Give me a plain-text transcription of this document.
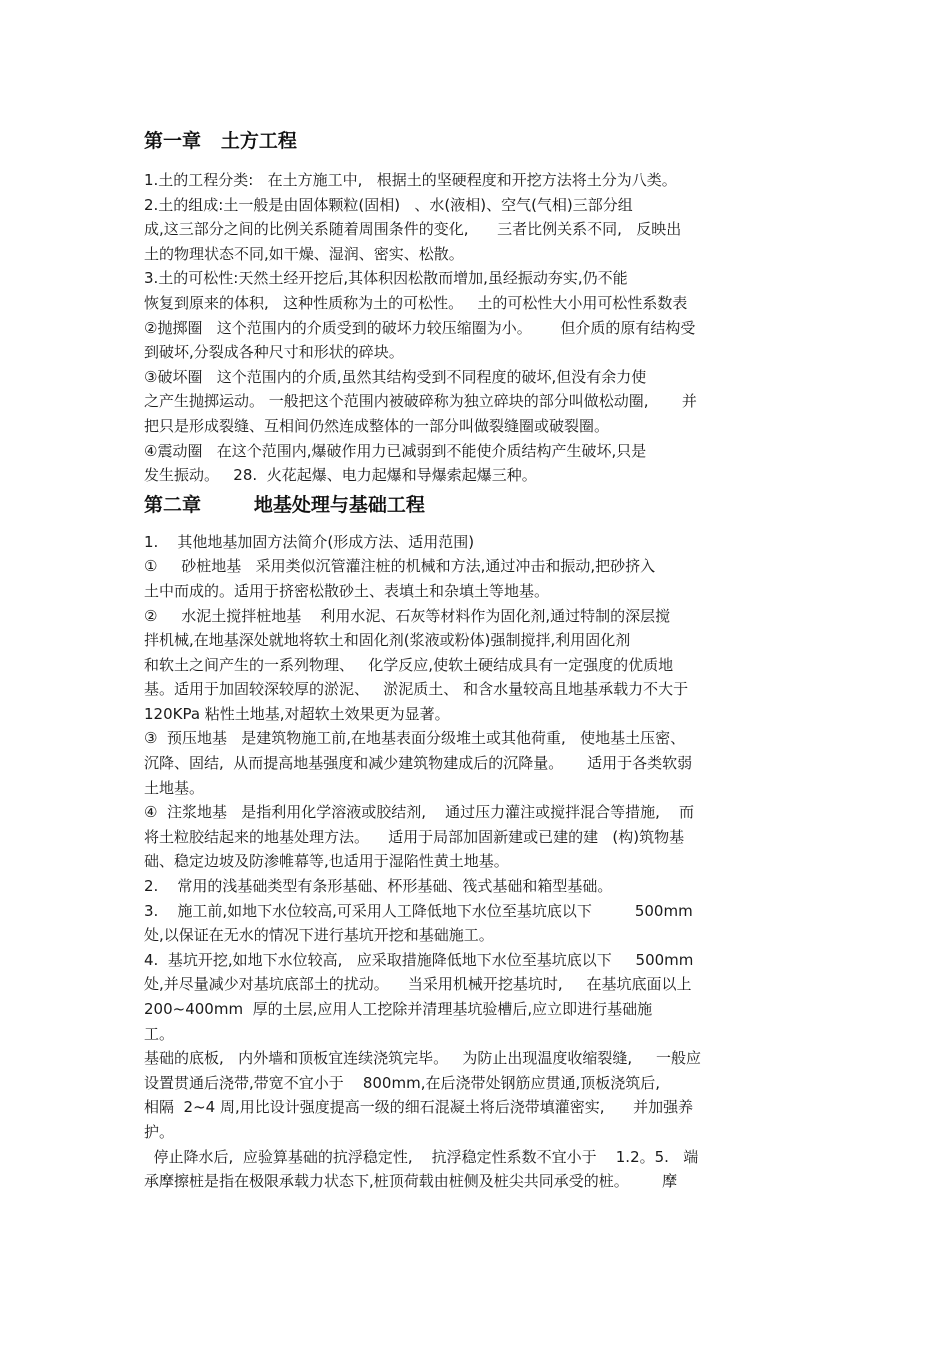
第一章   土方工程

1.土的工程分类:   在土方施工中,   根据土的坚硬程度和开挖方法将土分为八类。

2.土的组成:土一般是由固体颗粒(固相)   、水(液相)、空气(气相)三部分组

成,这三部分之间的比例关系随着周围条件的变化,      三者比例关系不同,   反映出

土的物理状态不同,如干燥、湿润、密实、松散。

3.土的可松性:天然土经开挖后,其体积因松散而增加,虽经振动夯实,仍不能

恢复到原来的体积,   这种性质称为土的可松性。   土的可松性大小用可松性系数表

②抛掷圈   这个范围内的介质受到的破坏力较压缩圈为小。      但介质的原有结构受

到破坏,分裂成各种尺寸和形状的碎块。

③破坏圈   这个范围内的介质,虽然其结构受到不同程度的破坏,但没有余力使

之产生抛掷运动。 一般把这个范围内被破碎称为独立碎块的部分叫做松动圈,       并

把只是形成裂缝、互相间仍然连成整体的一部分叫做裂缝圈或破裂圈。

④震动圈   在这个范围内,爆破作用力已减弱到不能使介质结构产生破坏,只是

发生振动。   28.  火花起爆、电力起爆和导爆索起爆三种。

第二章        地基处理与基础工程

1.    其他地基加固方法简介(形成方法、适用范围)

①     砂桩地基   采用类似沉管灌注桩的机械和方法,通过冲击和振动,把砂挤入

土中而成的。适用于挤密松散砂土、表填土和杂填土等地基。

②     水泥土搅拌桩地基    利用水泥、石灰等材料作为固化剂,通过特制的深层搅

拌机械,在地基深处就地将软土和固化剂(浆液或粉体)强制搅拌,利用固化剂

和软土之间产生的一系列物理、   化学反应,使软土硬结成具有一定强度的优质地

基。适用于加固较深较厚的淤泥、   淤泥质土、 和含水量较高且地基承载力不大于

120KPa 粘性土地基,对超软土效果更为显著。

③  预压地基   是建筑物施工前,在地基表面分级堆土或其他荷重,   使地基土压密、

沉降、固结,  从而提高地基强度和减少建筑物建成后的沉降量。     适用于各类软弱

土地基。

④  注浆地基   是指利用化学溶液或胶结剂,    通过压力灌注或搅拌混合等措施,    而

将土粒胶结起来的地基处理方法。    适用于局部加固新建或已建的建   (构)筑物基

础、稳定边坡及防渗帷幕等,也适用于湿陷性黄土地基。

2.    常用的浅基础类型有条形基础、杯形基础、筏式基础和箱型基础。

3.    施工前,如地下水位较高,可采用人工降低地下水位至基坑底以下         500mm

处,以保证在无水的情况下进行基坑开挖和基础施工。

4.  基坑开挖,如地下水位较高,   应采取措施降低地下水位至基坑底以下     500mm

处,并尽量减少对基坑底部土的扰动。    当采用机械开挖基坑时,     在基坑底面以上

200~400mm  厚的土层,应用人工挖除并清理基坑验槽后,应立即进行基础施

工。

基础的底板,   内外墙和顶板宜连续浇筑完毕。   为防止出现温度收缩裂缝,     一般应

设置贯通后浇带,带宽不宜小于    800mm,在后浇带处钢筋应贯通,顶板浇筑后,

相隔  2~4 周,用比设计强度提高一级的细石混凝土将后浇带填灌密实,      并加强养

护。

停止降水后,  应验算基础的抗浮稳定性,    抗浮稳定性系数不宜小于    1.2。5.   端

承摩擦桩是指在极限承载力状态下,桩顶荷载由桩侧及桩尖共同承受的桩。       摩
